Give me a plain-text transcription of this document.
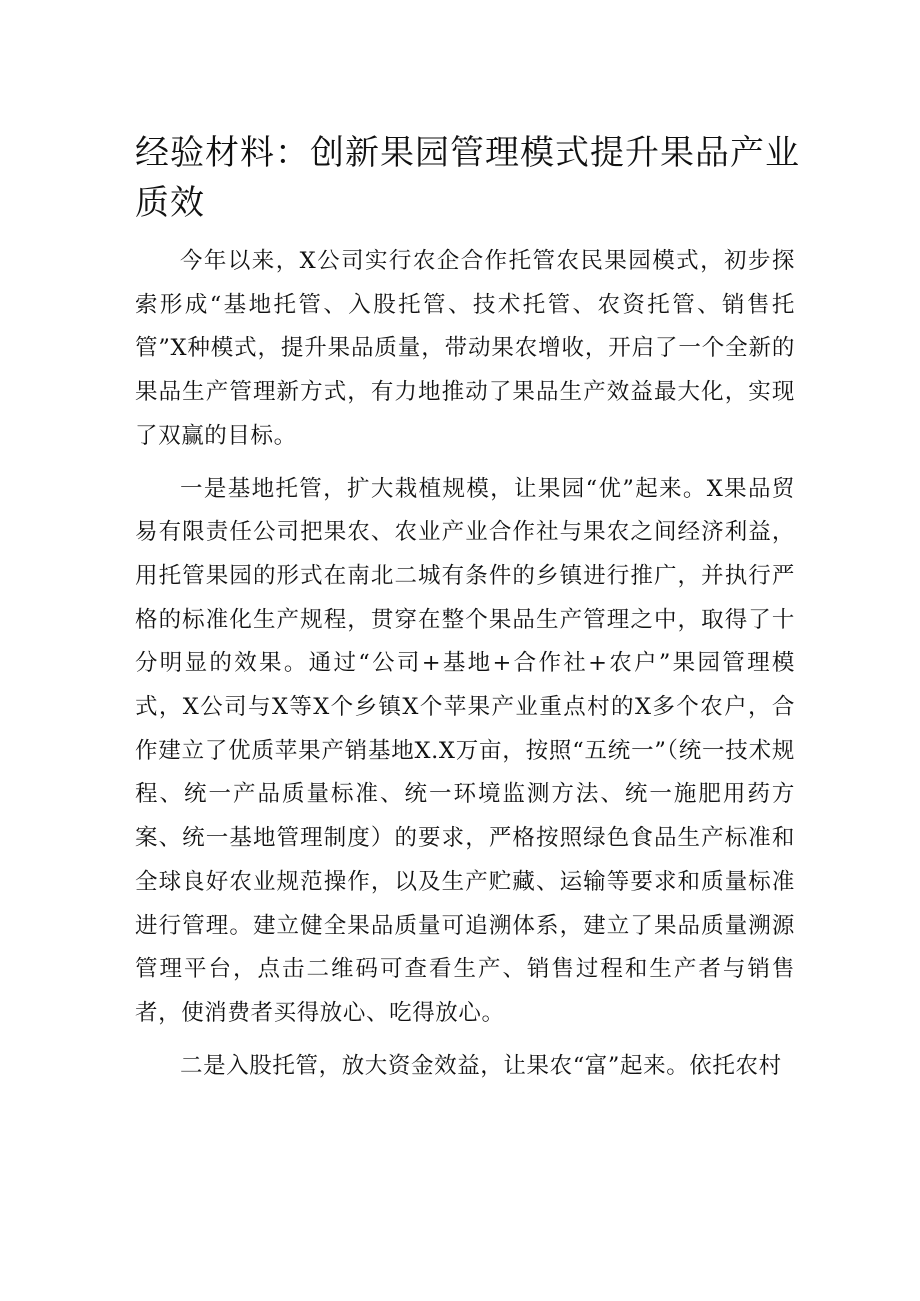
经验材料：创新果园管理模式提升果品产业质效

今年以来，X公司实行农企合作托管农民果园模式，初步探索形成“基地托管、入股托管、技术托管、农资托管、销售托管”X种模式，提升果品质量，带动果农增收，开启了一个全新的果品生产管理新方式，有力地推动了果品生产效益最大化，实现了双赢的目标。

一是基地托管，扩大栽植规模，让果园“优”起来。X果品贸易有限责任公司把果农、农业产业合作社与果农之间经济利益，用托管果园的形式在南北二城有条件的乡镇进行推广，并执行严格的标准化生产规程，贯穿在整个果品生产管理之中，取得了十分明显的效果。通过“公司+基地+合作社+农户”果园管理模式，X公司与X等X个乡镇X个苹果产业重点村的X多个农户，合作建立了优质苹果产销基地X.X万亩，按照“五统一”（统一技术规程、统一产品质量标准、统一环境监测方法、统一施肥用药方案、统一基地管理制度）的要求，严格按照绿色食品生产标准和全球良好农业规范操作，以及生产贮藏、运输等要求和质量标准进行管理。建立健全果品质量可追溯体系，建立了果品质量溯源管理平台，点击二维码可查看生产、销售过程和生产者与销售者，使消费者买得放心、吃得放心。

二是入股托管，放大资金效益，让果农“富”起来。依托农村
